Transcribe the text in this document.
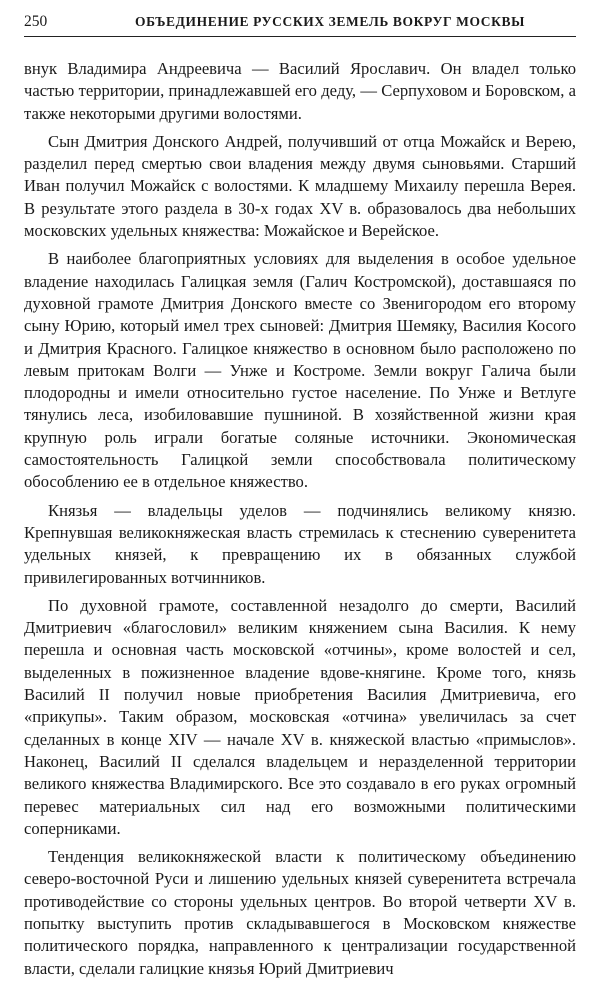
250	ОБЪЕДИНЕНИЕ РУССКИХ ЗЕМЕЛЬ ВОКРУГ МОСКВЫ

внук Владимира Андреевича — Василий Ярославич. Он владел только частью территории, принадлежавшей его деду, — Серпуховом и Боровском, а также некоторыми другими волостями.

Сын Дмитрия Донского Андрей, получивший от отца Можайск и Верею, разделил перед смертью свои владения между двумя сыновьями. Старший Иван получил Можайск с волостями. К младшему Михаилу перешла Верея. В результате этого раздела в 30-х годах XV в. образовалось два небольших московских удельных княжества: Можайское и Верейское.

В наиболее благоприятных условиях для выделения в особое удельное владение находилась Галицкая земля (Галич Костромской), доставшаяся по духовной грамоте Дмитрия Донского вместе со Звенигородом его второму сыну Юрию, который имел трех сыновей: Дмитрия Шемяку, Василия Косого и Дмитрия Красного. Галицкое княжество в основном было расположено по левым притокам Волги — Унже и Костроме. Земли вокруг Галича были плодородны и имели относительно густое население. По Унже и Ветлуге тянулись леса, изобиловавшие пушниной. В хозяйственной жизни края крупную роль играли богатые соляные источники. Экономическая самостоятельность Галицкой земли способствовала политическому обособлению ее в отдельное княжество.

Князья — владельцы уделов — подчинялись великому князю. Крепнувшая великокняжеская власть стремилась к стеснению суверенитета удельных князей, к превращению их в обязанных службой привилегированных вотчинников.

По духовной грамоте, составленной незадолго до смерти, Василий Дмитриевич «благословил» великим княжением сына Василия. К нему перешла и основная часть московской «отчины», кроме волостей и сел, выделенных в пожизненное владение вдове-княгине. Кроме того, князь Василий II получил новые приобретения Василия Дмитриевича, его «прикупы». Таким образом, московская «отчина» увеличилась за счет сделанных в конце XIV — начале XV в. княжеской властью «примыслов». Наконец, Василий II сделался владельцем и неразделенной территории великого княжества Владимирского. Все это создавало в его руках огромный перевес материальных сил над его возможными политическими соперниками.

Тенденция великокняжеской власти к политическому объединению северо-восточной Руси и лишению удельных князей суверенитета встречала противодействие со стороны удельных центров. Во второй четверти XV в. попытку выступить против складывавшегося в Московском княжестве политического порядка, направленного к централизации государственной власти, сделали галицкие князья Юрий Дмитриевич
